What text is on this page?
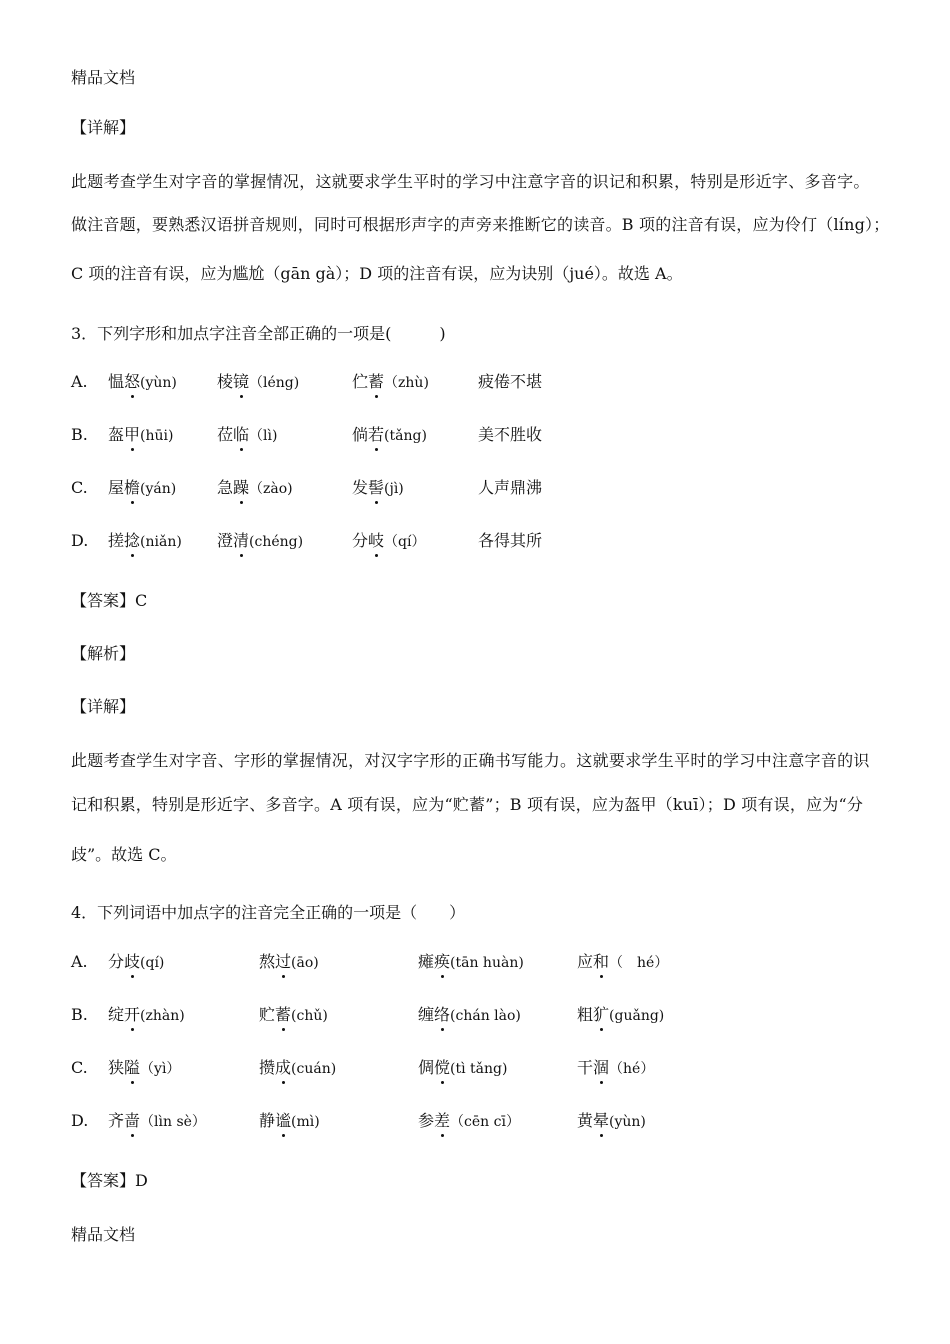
精品文档
【详解】
此题考查学生对字音的掌握情况，这就要求学生平时的学习中注意字音的识记和积累，特别是形近字、多音字。
做注音题，要熟悉汉语拼音规则，同时可根据形声字的声旁来推断它的读音。B 项的注音有误，应为伶仃（líng）；
C 项的注音有误，应为尴尬（gān gà）；D 项的注音有误，应为诀别（jué）。故选 A。
3．下列字形和加点字注音全部正确的一项是(　　　)
A. 愠怒(yùn)	棱镜（léng)	伫蓄（zhù)	疲倦不堪
B. 盔甲(hūi)	莅临（lì)	倘若(tǎng)	美不胜收
C. 屋檐(yán)	急躁（zào)	发髻(jì)	人声鼎沸
D. 搓捻(niǎn) 澄清(chéng)	分岐（qí）	各得其所
【答案】C
【解析】
【详解】
此题考查学生对字音、字形的掌握情况，对汉字字形的正确书写能力。这就要求学生平时的学习中注意字音的识
记和积累，特别是形近字、多音字。A 项有误，应为“贮蓄”；B 项有误，应为盔甲（kuī）；D 项有误，应为“分
歧”。故选 C。
4．下列词语中加点字的注音完全正确的一项是（　　）
A. 分歧(qí)	熬过(āo)	瘫痪(tān huàn)	应和（　hé）
B. 绽开(zhàn)	贮蓄(chǔ)	缠络(chán lào)	粗犷(guǎng)
C. 狭隘（yì）	攒成(cuán)	倜傥(tì tǎng)	干涸（hé）
D. 齐啬（lìn sè）	静谧(mì)	参差（cēn cī）	黄晕(yùn)
【答案】D
精品文档
